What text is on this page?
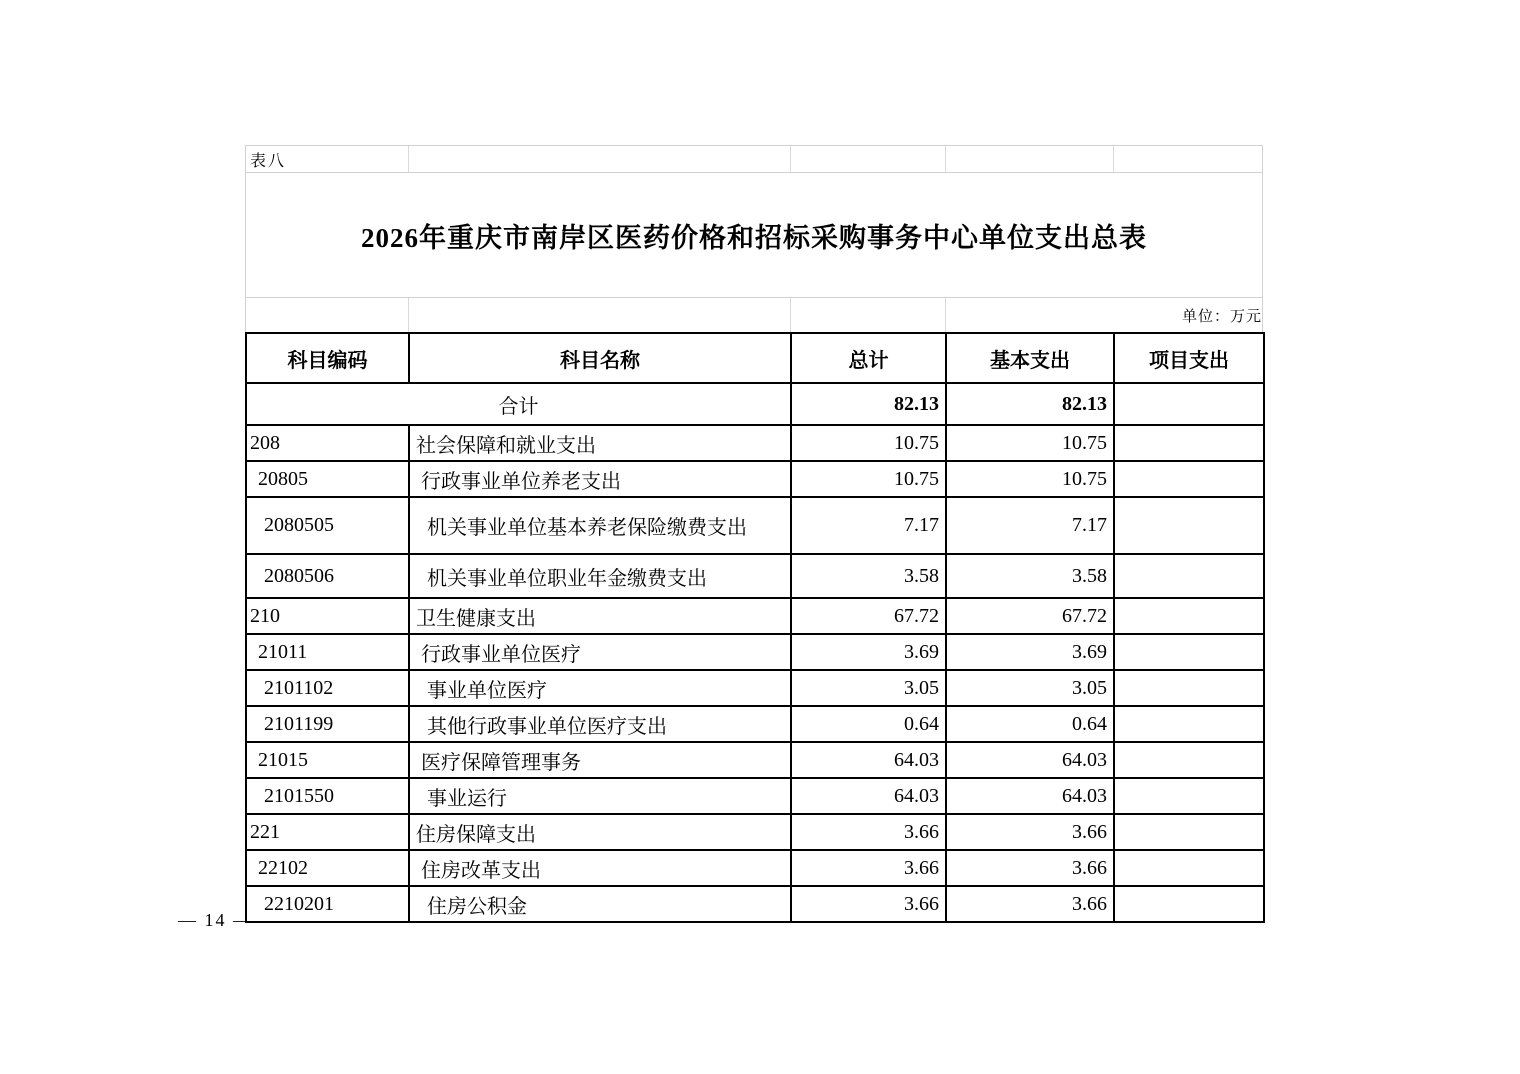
表八
2026年重庆市南岸区医药价格和招标采购事务中心单位支出总表
单位：万元
科目编码	科目名称	总计	基本支出	项目支出
合计		82.13	82.13	
208	社会保障和就业支出	10.75	10.75	
20805	行政事业单位养老支出	10.75	10.75	
2080505	机关事业单位基本养老保险缴费支出	7.17	7.17	
2080506	机关事业单位职业年金缴费支出	3.58	3.58	
210	卫生健康支出	67.72	67.72	
21011	行政事业单位医疗	3.69	3.69	
2101102	事业单位医疗	3.05	3.05	
2101199	其他行政事业单位医疗支出	0.64	0.64	
21015	医疗保障管理事务	64.03	64.03	
2101550	事业运行	64.03	64.03	
221	住房保障支出	3.66	3.66	
22102	住房改革支出	3.66	3.66	
2210201	住房公积金	3.66	3.66	
— 14 —
